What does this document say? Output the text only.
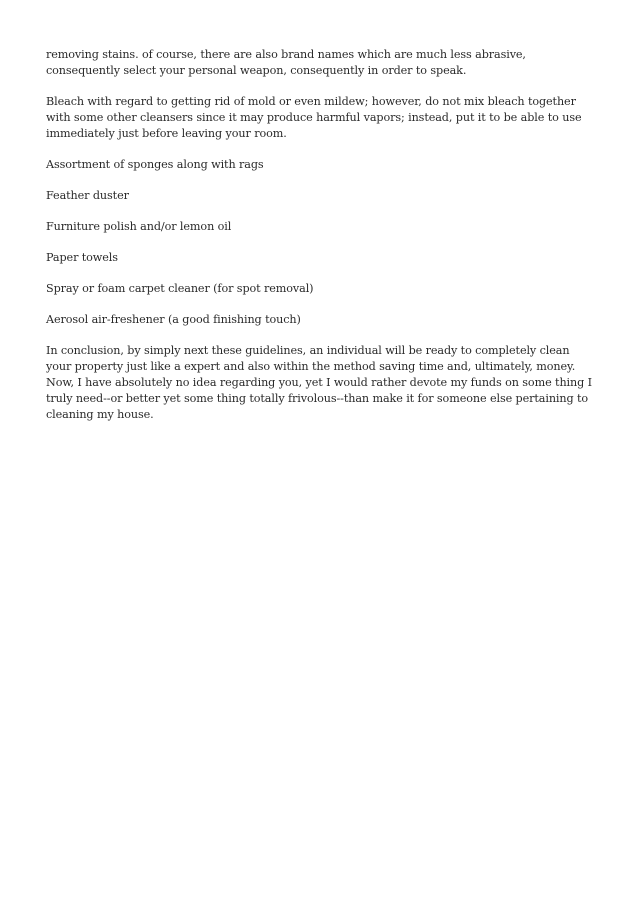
removing stains. of course, there are also brand names which are much less abrasive, consequently select your personal weapon, consequently in order to speak.

Bleach with regard to getting rid of mold or even mildew; however, do not mix bleach together with some other cleansers since it may produce harmful vapors; instead, put it to be able to use immediately just before leaving your room.

Assortment of sponges along with rags

Feather duster

Furniture polish and/or lemon oil

Paper towels

Spray or foam carpet cleaner (for spot removal)

Aerosol air-freshener (a good finishing touch)

In conclusion, by simply next these guidelines, an individual will be ready to completely clean your property just like a expert and also within the method saving time and, ultimately, money. Now, I have absolutely no idea regarding you, yet I would rather devote my funds on some thing I truly need--or better yet some thing totally frivolous--than make it for someone else pertaining to cleaning my house.
